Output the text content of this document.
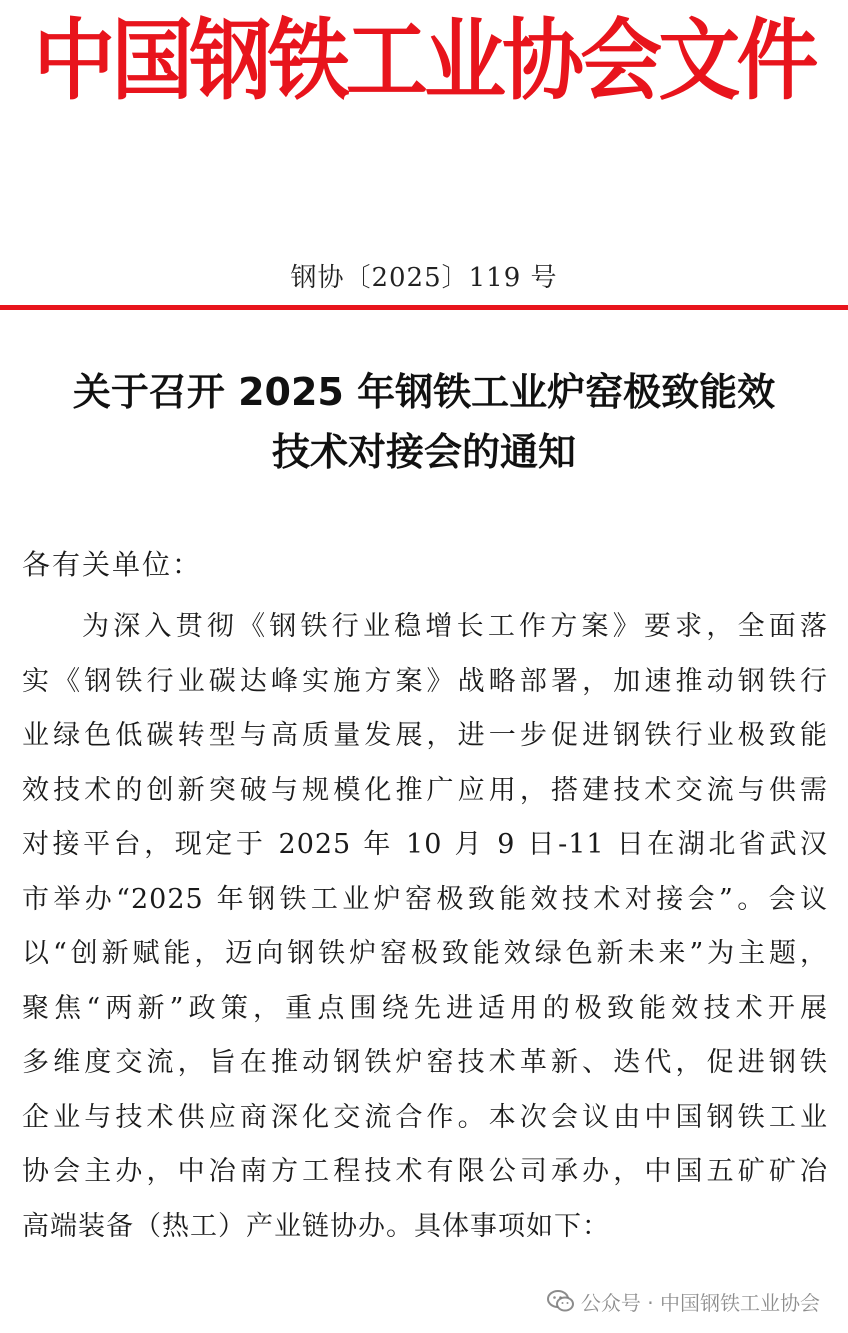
中国钢铁工业协会文件
钢协〔2025〕119 号
关于召开 2025 年钢铁工业炉窑极致能效
技术对接会的通知
各有关单位：
为深入贯彻《钢铁行业稳增长工作方案》要求，全面落
实《钢铁行业碳达峰实施方案》战略部署，加速推动钢铁行
业绿色低碳转型与高质量发展，进一步促进钢铁行业极致能
效技术的创新突破与规模化推广应用，搭建技术交流与供需
对接平台，现定于 2025 年 10 月 9 日-11 日在湖北省武汉
市举办“2025 年钢铁工业炉窑极致能效技术对接会”。会议
以“创新赋能，迈向钢铁炉窑极致能效绿色新未来”为主题，
聚焦“两新”政策，重点围绕先进适用的极致能效技术开展
多维度交流，旨在推动钢铁炉窑技术革新、迭代，促进钢铁
企业与技术供应商深化交流合作。本次会议由中国钢铁工业
协会主办，中冶南方工程技术有限公司承办，中国五矿矿冶
高端装备（热工）产业链协办。具体事项如下：
公众号 · 中国钢铁工业协会
